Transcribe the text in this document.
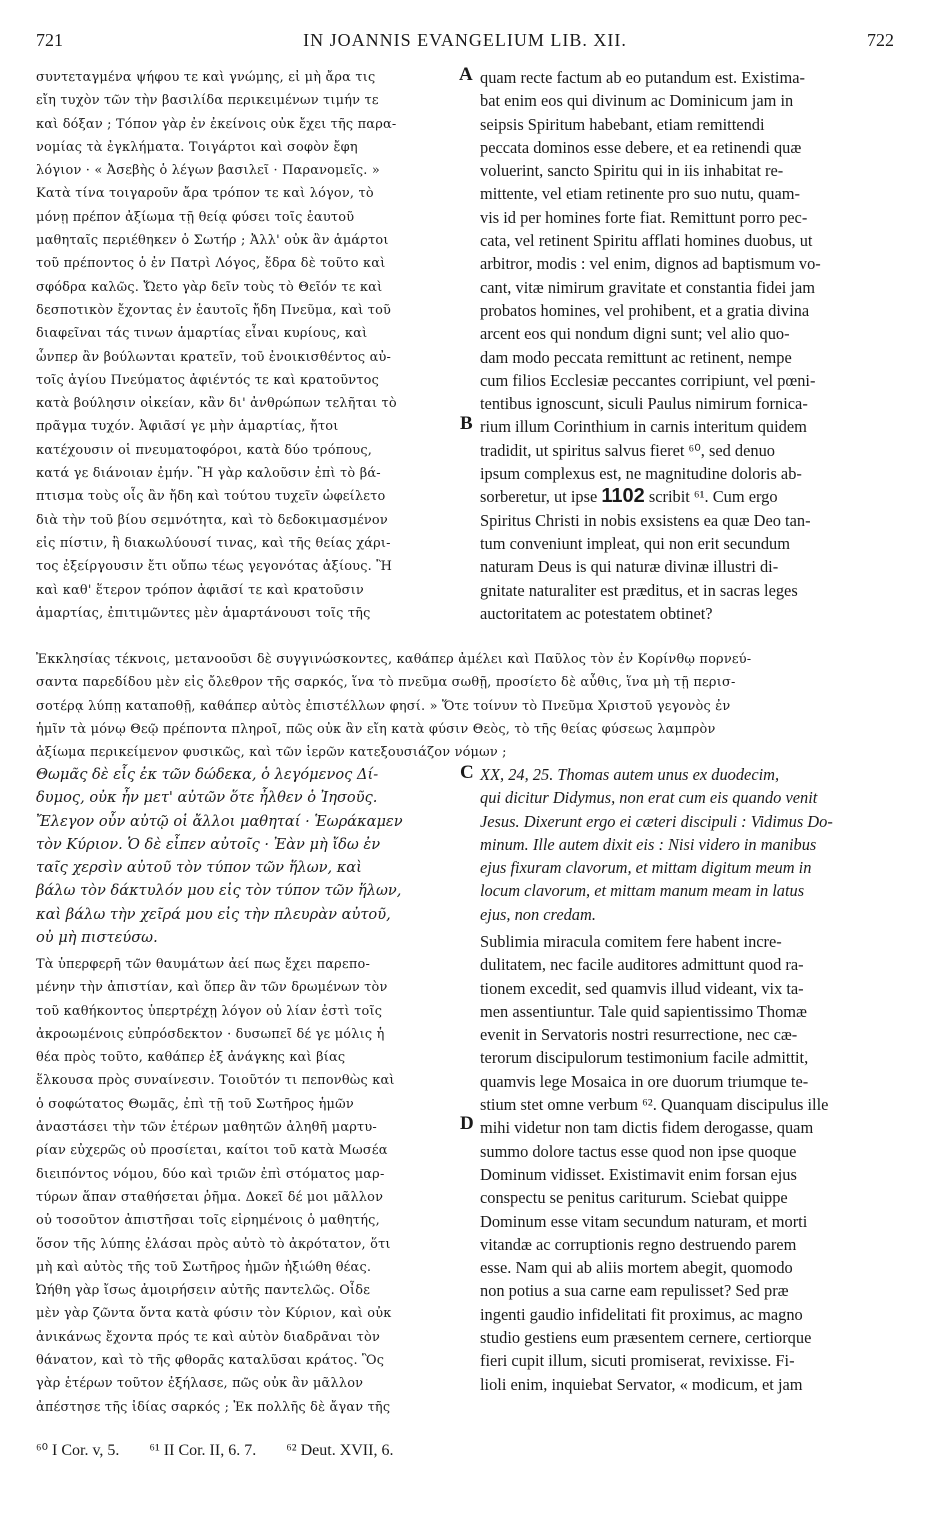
721	IN JOANNIS EVANGELIUM LIB. XII.	722
A
B
C
D
συντεταγμένα ψήφου τε καὶ γνώμης, εἰ μὴ ἄρα τις
εἴη τυχὸν τῶν τὴν βασιλίδα περικειμένων τιμήν τε
καὶ δόξαν ; Τόπον γὰρ ἐν ἐκείνοις οὐκ ἔχει τῆς παρα-
νομίας τὰ ἐγκλήματα. Τοιγάρτοι καὶ σοφὸν ἔφη
λόγιον · « Ἀσεβὴς ὁ λέγων βασιλεῖ · Παρανομεῖς. »
Κατὰ τίνα τοιγαροῦν ἄρα τρόπον τε καὶ λόγον, τὸ
μόνῃ πρέπον ἀξίωμα τῇ θείᾳ φύσει τοῖς ἑαυτοῦ
μαθηταῖς περιέθηκεν ὁ Σωτήρ ; Ἀλλ' οὐκ ἂν ἁμάρτοι
τοῦ πρέποντος ὁ ἐν Πατρὶ Λόγος, ἔδρα δὲ τοῦτο καὶ
σφόδρα καλῶς. Ὤετο γὰρ δεῖν τοὺς τὸ Θεῖόν τε καὶ
δεσποτικὸν ἔχοντας ἐν ἑαυτοῖς ἤδη Πνεῦμα, καὶ τοῦ
διαφεῖναι τάς τινων ἁμαρτίας εἶναι κυρίους, καὶ
ὧνπερ ἂν βούλωνται κρατεῖν, τοῦ ἐνοικισθέντος αὐ-
τοῖς ἁγίου Πνεύματος ἀφιέντός τε καὶ κρατοῦντος
κατὰ βούλησιν οἰκείαν, κἂν δι' ἀνθρώπων τελῆται τὸ
πρᾶγμα τυχόν. Ἀφιᾶσί γε μὴν ἁμαρτίας, ἤτοι
κατέχουσιν οἱ πνευματοφόροι, κατὰ δύο τρόπους,
κατά γε διάνοιαν ἐμήν. Ἢ γὰρ καλοῦσιν ἐπὶ τὸ βά-
πτισμα τοὺς οἷς ἂν ἤδη καὶ τούτου τυχεῖν ὠφείλετο
διὰ τὴν τοῦ βίου σεμνότητα, καὶ τὸ δεδοκιμασμένον
εἰς πίστιν, ἢ διακωλύουσί τινας, καὶ τῆς θείας χάρι-
τος ἐξείργουσιν ἔτι οὔπω τέως γεγονότας ἀξίους. Ἢ
καὶ καθ' ἕτερον τρόπον ἀφιᾶσί τε καὶ κρατοῦσιν
ἁμαρτίας, ἐπιτιμῶντες μὲν ἁμαρτάνουσι τοῖς τῆς
quam recte factum ab eo putandum est. Existima-
bat enim eos qui divinum ac Dominicum jam in
seipsis Spiritum habebant, etiam remittendi
peccata dominos esse debere, et ea retinendi quæ
voluerint, sancto Spiritu qui in iis inhabitat re-
mittente, vel etiam retinente pro suo nutu, quam-
vis id per homines forte fiat. Remittunt porro pec-
cata, vel retinent Spiritu afflati homines duobus, ut
arbitror, modis : vel enim, dignos ad baptismum vo-
cant, vitæ nimirum gravitate et constantia fidei jam
probatos homines, vel prohibent, et a gratia divina
arcent eos qui nondum digni sunt; vel alio quo-
dam modo peccata remittunt ac retinent, nempe
cum filios Ecclesiæ peccantes corripiunt, vel pœni-
tentibus ignoscunt, siculi Paulus nimirum fornica-
rium illum Corinthium in carnis interitum quidem
tradidit, ut spiritus salvus fieret ⁶⁰, sed denuo
ipsum complexus est, ne magnitudine doloris ab-
sorberetur, ut ipse 1102 scribit ⁶¹. Cum ergo
Spiritus Christi in nobis exsistens ea quæ Deo tan-
tum conveniunt impleat, qui non erit secundum
naturam Deus is qui naturæ divinæ illustri di-
gnitate naturaliter est præditus, et in sacras leges
auctoritatem ac potestatem obtinet?
Ἐκκλησίας τέκνοις, μετανοοῦσι δὲ συγγινώσκοντες, καθάπερ ἀμέλει καὶ Παῦλος τὸν ἐν Κορίνθῳ πορνεύ-
σαντα παρεδίδου μὲν εἰς ὄλεθρον τῆς σαρκός, ἵνα τὸ πνεῦμα σωθῇ, προσίετο δὲ αὖθις, ἵνα μὴ τῇ περισ-
σοτέρᾳ λύπῃ καταποθῇ, καθάπερ αὐτὸς ἐπιστέλλων φησί. » Ὅτε τοίνυν τὸ Πνεῦμα Χριστοῦ γεγονὸς ἐν
ἡμῖν τὰ μόνῳ Θεῷ πρέποντα πληροῖ, πῶς οὐκ ἂν εἴη κατὰ φύσιν Θεὸς, τὸ τῆς θείας φύσεως λαμπρὸν
ἀξίωμα περικείμενον φυσικῶς, καὶ τῶν ἱερῶν κατεξουσιάζον νόμων ;
Θωμᾶς δὲ εἷς ἐκ τῶν δώδεκα, ὁ λεγόμενος Δί-
δυμος, οὐκ ἦν μετ' αὐτῶν ὅτε ἦλθεν ὁ Ἰησοῦς.
Ἔλεγον οὖν αὐτῷ οἱ ἄλλοι μαθηταί · Ἑωράκαμεν
τὸν Κύριον. Ὁ δὲ εἶπεν αὐτοῖς · Ἐὰν μὴ ἴδω ἐν
ταῖς χερσὶν αὐτοῦ τὸν τύπον τῶν ἥλων, καὶ
βάλω τὸν δάκτυλόν μου εἰς τὸν τύπον τῶν ἥλων,
καὶ βάλω τὴν χεῖρά μου εἰς τὴν πλευρὰν αὐτοῦ,
οὐ μὴ πιστεύσω.
XX, 24, 25. Thomas autem unus ex duodecim,
qui dicitur Didymus, non erat cum eis quando venit
Jesus. Dixerunt ergo ei cæteri discipuli : Vidimus Do-
minum. Ille autem dixit eis : Nisi videro in manibus
ejus fixuram clavorum, et mittam digitum meum in
locum clavorum, et mittam manum meam in latus
ejus, non credam.
Τὰ ὑπερφερῆ τῶν θαυμάτων ἀεί πως ἔχει παρεπο-
μένην τὴν ἀπιστίαν, καὶ ὅπερ ἂν τῶν δρωμένων τὸν
τοῦ καθήκοντος ὑπερτρέχῃ λόγον οὐ λίαν ἐστὶ τοῖς
ἀκροωμένοις εὐπρόσδεκτον · δυσωπεῖ δέ γε μόλις ἡ
θέα πρὸς τοῦτο, καθάπερ ἐξ ἀνάγκης καὶ βίας
ἕλκουσα πρὸς συναίνεσιν. Τοιοῦτόν τι πεπονθὼς καὶ
ὁ σοφώτατος Θωμᾶς, ἐπὶ τῇ τοῦ Σωτῆρος ἡμῶν
ἀναστάσει τὴν τῶν ἑτέρων μαθητῶν ἀληθῆ μαρτυ-
ρίαν εὐχερῶς οὐ προσίεται, καίτοι τοῦ κατὰ Μωσέα
διειπόντος νόμου, δύο καὶ τριῶν ἐπὶ στόματος μαρ-
τύρων ἅπαν σταθήσεται ῥῆμα. Δοκεῖ δέ μοι μᾶλλον
οὐ τοσοῦτον ἀπιστῆσαι τοῖς εἰρημένοις ὁ μαθητής,
ὅσον τῆς λύπης ἐλάσαι πρὸς αὐτὸ τὸ ἀκρότατον, ὅτι
μὴ καὶ αὐτὸς τῆς τοῦ Σωτῆρος ἡμῶν ἠξιώθη θέας.
Ὠήθη γὰρ ἴσως ἀμοιρήσειν αὐτῆς παντελῶς. Οἶδε
μὲν γὰρ ζῶντα ὄντα κατὰ φύσιν τὸν Κύριον, καὶ οὐκ
ἀνικάνως ἔχοντα πρός τε καὶ αὐτὸν διαδρᾶναι τὸν
θάνατον, καὶ τὸ τῆς φθορᾶς καταλῦσαι κράτος. Ὃς
γὰρ ἑτέρων τοῦτον ἐξήλασε, πῶς οὐκ ἂν μᾶλλον
ἀπέστησε τῆς ἰδίας σαρκός ; Ἐκ πολλῆς δὲ ἄγαν τῆς
Sublimia miracula comitem fere habent incre-
dulitatem, nec facile auditores admittunt quod ra-
tionem excedit, sed quamvis illud videant, vix ta-
men assentiuntur. Tale quid sapientissimo Thomæ
evenit in Servatoris nostri resurrectione, nec cæ-
terorum discipulorum testimonium facile admittit,
quamvis lege Mosaica in ore duorum triumque te-
stium stet omne verbum ⁶². Quanquam discipulus ille
mihi videtur non tam dictis fidem derogasse, quam
summo dolore tactus esse quod non ipse quoque
Dominum vidisset. Existimavit enim forsan ejus
conspectu se penitus cariturum. Sciebat quippe
Dominum esse vitam secundum naturam, et morti
vitandæ ac corruptionis regno destruendo parem
esse. Nam qui ab aliis mortem abegit, quomodo
non potius a sua carne eam repulisset? Sed præ
ingenti gaudio infidelitati fit proximus, ac magno
studio gestiens eum præsentem cernere, certiorque
fieri cupit illum, sicuti promiserat, revixisse. Fi-
lioli enim, inquiebat Servator, « modicum, et jam
⁶⁰ I Cor. v, 5. ⁶¹ II Cor. II, 6. 7. ⁶² Deut. XVII, 6.
